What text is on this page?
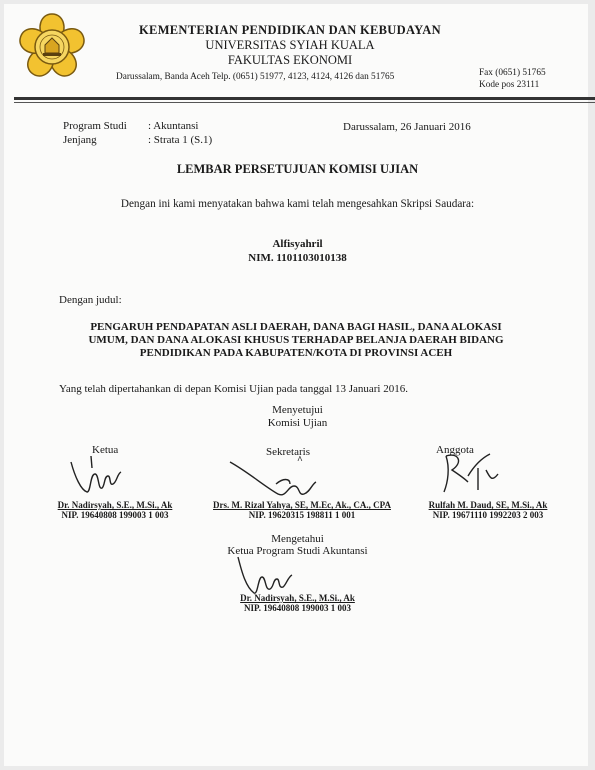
KEMENTERIAN PENDIDIKAN DAN KEBUDAYAN
UNIVERSITAS SYIAH KUALA
FAKULTAS EKONOMI
Darussalam, Banda Aceh Telp. (0651) 51977, 4123, 4124, 4126 dan 51765	Fax (0651) 51765
Kode pos 23111
Program Studi : Akuntansi
Jenjang	: Strata 1 (S.1)
Darussalam, 26 Januari 2016
LEMBAR PERSETUJUAN KOMISI UJIAN
Dengan ini kami menyatakan bahwa kami telah mengesahkan Skripsi Saudara:
Alfisyahril
NIM. 1101103010138
Dengan judul:
PENGARUH PENDAPATAN ASLI DAERAH, DANA BAGI HASIL, DANA ALOKASI
UMUM, DAN DANA ALOKASI KHUSUS TERHADAP BELANJA DAERAH BIDANG
PENDIDIKAN PADA KABUPATEN/KOTA DI PROVINSI ACEH
Yang telah dipertahankan di depan Komisi Ujian pada tanggal 13 Januari 2016.
Menyetujui
Komisi Ujian
Ketua	Sekretaris	Anggota
^
Dr. Nadirsyah, S.E., M.Si., Ak
NIP. 19640808 199003 1 003
Drs. M. Rizal Yahya, SE, M.Ec, Ak., CA., CPA
NIP. 19620315 198811 1 001
Rulfah M. Daud, SE, M.Si., Ak
NIP. 19671110 1992203 2 003
Mengetahui
Ketua Program Studi Akuntansi
Dr. Nadirsyah, S.E., M.Si., Ak
NIP. 19640808 199003 1 003
